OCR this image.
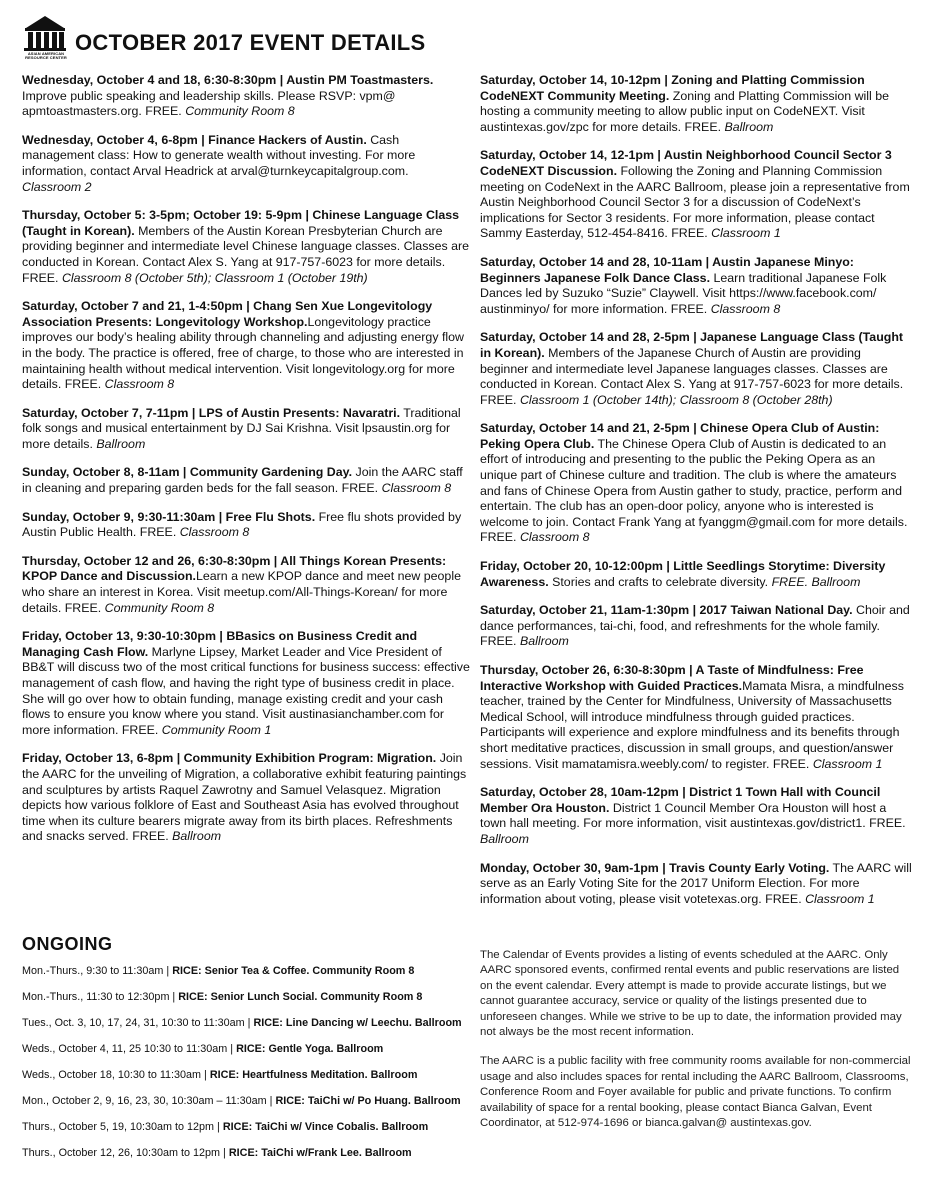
ASIAN AMERICAN RESOURCE CENTER
OCTOBER 2017 EVENT DETAILS

Wednesday, October 4 and 18, 6:30-8:30pm | Austin PM Toastmasters. Improve public speaking and leadership skills. Please RSVP: vpm@ apmtoastmasters.org. FREE. Community Room 8

Wednesday, October 4, 6-8pm | Finance Hackers of Austin. Cash management class: How to generate wealth without investing. For more information, contact Arval Headrick at arval@turnkeycapitalgroup.com. Classroom 2

Thursday, October 5: 3-5pm; October 19: 5-9pm | Chinese Language Class (Taught in Korean). Members of the Austin Korean Presbyterian Church are providing beginner and intermediate level Chinese language classes. Classes are conducted in Korean. Contact Alex S. Yang at 917-757-6023 for more details. FREE. Classroom 8 (October 5th); Classroom 1 (October 19th)

Saturday, October 7 and 21, 1-4:50pm | Chang Sen Xue Longevitology Association Presents: Longevitology Workshop.Longevitology practice improves our body’s healing ability through channeling and adjusting energy flow in the body. The practice is offered, free of charge, to those who are interested in maintaining health without medical intervention. Visit longevitology.org for more details. FREE. Classroom 8

Saturday, October 7, 7-11pm | LPS of Austin Presents: Navaratri. Traditional folk songs and musical entertainment by DJ Sai Krishna. Visit lpsaustin.org for more details. Ballroom

Sunday, October 8, 8-11am | Community Gardening Day. Join the AARC staff in cleaning and preparing garden beds for the fall season. FREE. Classroom 8

Sunday, October 9, 9:30-11:30am | Free Flu Shots. Free flu shots provided by Austin Public Health. FREE. Classroom 8

Thursday, October 12 and 26, 6:30-8:30pm | All Things Korean Presents: KPOP Dance and Discussion.Learn a new KPOP dance and meet new people who share an interest in Korea. Visit meetup.com/All-Things-Korean/ for more details. FREE. Community Room 8

Friday, October 13, 9:30-10:30pm | BBasics on Business Credit and Managing Cash Flow. Marlyne Lipsey, Market Leader and Vice President of BB&T will discuss two of the most critical functions for business success: effective management of cash flow, and having the right type of business credit in place. She will go over how to obtain funding, manage existing credit and your cash flows to ensure you know where you stand. Visit austinasianchamber.com for more information. FREE. Community Room 1

Friday, October 13, 6-8pm | Community Exhibition Program: Migration. Join the AARC for the unveiling of Migration, a collaborative exhibit featuring paintings and sculptures by artists Raquel Zawrotny and Samuel Velasquez. Migration depicts how various folklore of East and Southeast Asia has evolved throughout time when its culture bearers migrate away from its birth places. Refreshments and snacks served. FREE. Ballroom

Saturday, October 14, 10-12pm | Zoning and Platting Commission CodeNEXT Community Meeting. Zoning and Platting Commission will be hosting a community meeting to allow public input on CodeNEXT. Visit austintexas.gov/zpc for more details. FREE. Ballroom

Saturday, October 14, 12-1pm | Austin Neighborhood Council Sector 3 CodeNEXT Discussion. Following the Zoning and Planning Commission meeting on CodeNext in the AARC Ballroom, please join a representative from Austin Neighborhood Council Sector 3 for a discussion of CodeNext’s implications for Sector 3 residents. For more information, please contact Sammy Easterday, 512-454-8416. FREE. Classroom 1

Saturday, October 14 and 28, 10-11am | Austin Japanese Minyo: Beginners Japanese Folk Dance Class. Learn traditional Japanese Folk Dances led by Suzuko “Suzie” Claywell. Visit https://www.facebook.com/ austinminyo/ for more information. FREE. Classroom 8

Saturday, October 14 and 28, 2-5pm | Japanese Language Class (Taught in Korean). Members of the Japanese Church of Austin are providing beginner and intermediate level Japanese languages classes. Classes are conducted in Korean. Contact Alex S. Yang at 917-757-6023 for more details. FREE. Classroom 1 (October 14th); Classroom 8 (October 28th)

Saturday, October 14 and 21, 2-5pm | Chinese Opera Club of Austin: Peking Opera Club. The Chinese Opera Club of Austin is dedicated to an effort of introducing and presenting to the public the Peking Opera as an unique part of Chinese culture and tradition. The club is where the amateurs and fans of Chinese Opera from Austin gather to study, practice, perform and entertain. The club has an open-door policy, anyone who is interested is welcome to join. Contact Frank Yang at fyanggm@gmail.com for more details. FREE. Classroom 8

Friday, October 20, 10-12:00pm | Little Seedlings Storytime: Diversity Awareness. Stories and crafts to celebrate diversity. FREE. Ballroom

Saturday, October 21, 11am-1:30pm | 2017 Taiwan National Day. Choir and dance performances, tai-chi, food, and refreshments for the whole family. FREE. Ballroom

Thursday, October 26, 6:30-8:30pm | A Taste of Mindfulness: Free Interactive Workshop with Guided Practices.Mamata Misra, a mindfulness teacher, trained by the Center for Mindfulness, University of Massachusetts Medical School, will introduce mindfulness through guided practices. Participants will experience and explore mindfulness and its benefits through short meditative practices, discussion in small groups, and question/answer sessions. Visit mamatamisra.weebly.com/ to register. FREE. Classroom 1

Saturday, October 28, 10am-12pm | District 1 Town Hall with Council Member Ora Houston. District 1 Council Member Ora Houston will host a town hall meeting. For more information, visit austintexas.gov/district1. FREE. Ballroom

Monday, October 30, 9am-1pm | Travis County Early Voting. The AARC will serve as an Early Voting Site for the 2017 Uniform Election. For more information about voting, please visit votetexas.org. FREE. Classroom 1

ONGOING
Mon.-Thurs., 9:30 to 11:30am | RICE: Senior Tea & Coffee. Community Room 8
Mon.-Thurs., 11:30 to 12:30pm | RICE: Senior Lunch Social. Community Room 8
Tues., Oct. 3, 10, 17, 24, 31, 10:30 to 11:30am | RICE: Line Dancing w/ Leechu. Ballroom
Weds., October 4, 11, 25 10:30 to 11:30am | RICE: Gentle Yoga. Ballroom
Weds., October 18, 10:30 to 11:30am | RICE: Heartfulness Meditation. Ballroom
Mon., October 2, 9, 16, 23, 30, 10:30am – 11:30am | RICE: TaiChi w/ Po Huang. Ballroom
Thurs., October 5, 19, 10:30am to 12pm | RICE: TaiChi w/ Vince Cobalis. Ballroom
Thurs., October 12, 26, 10:30am to 12pm | RICE: TaiChi w/Frank Lee. Ballroom

The Calendar of Events provides a listing of events scheduled at the AARC. Only AARC sponsored events, confirmed rental events and public reservations are listed on the event calendar. Every attempt is made to provide accurate listings, but we cannot guarantee accuracy, service or quality of the listings presented due to unforeseen changes. While we strive to be up to date, the information provided may not always be the most recent information.

The AARC is a public facility with free community rooms available for non-commercial usage and also includes spaces for rental including the AARC Ballroom, Classrooms, Conference Room and Foyer available for public and private functions. To confirm availability of space for a rental booking, please contact Bianca Galvan, Event Coordinator, at 512-974-1696 or bianca.galvan@ austintexas.gov.
